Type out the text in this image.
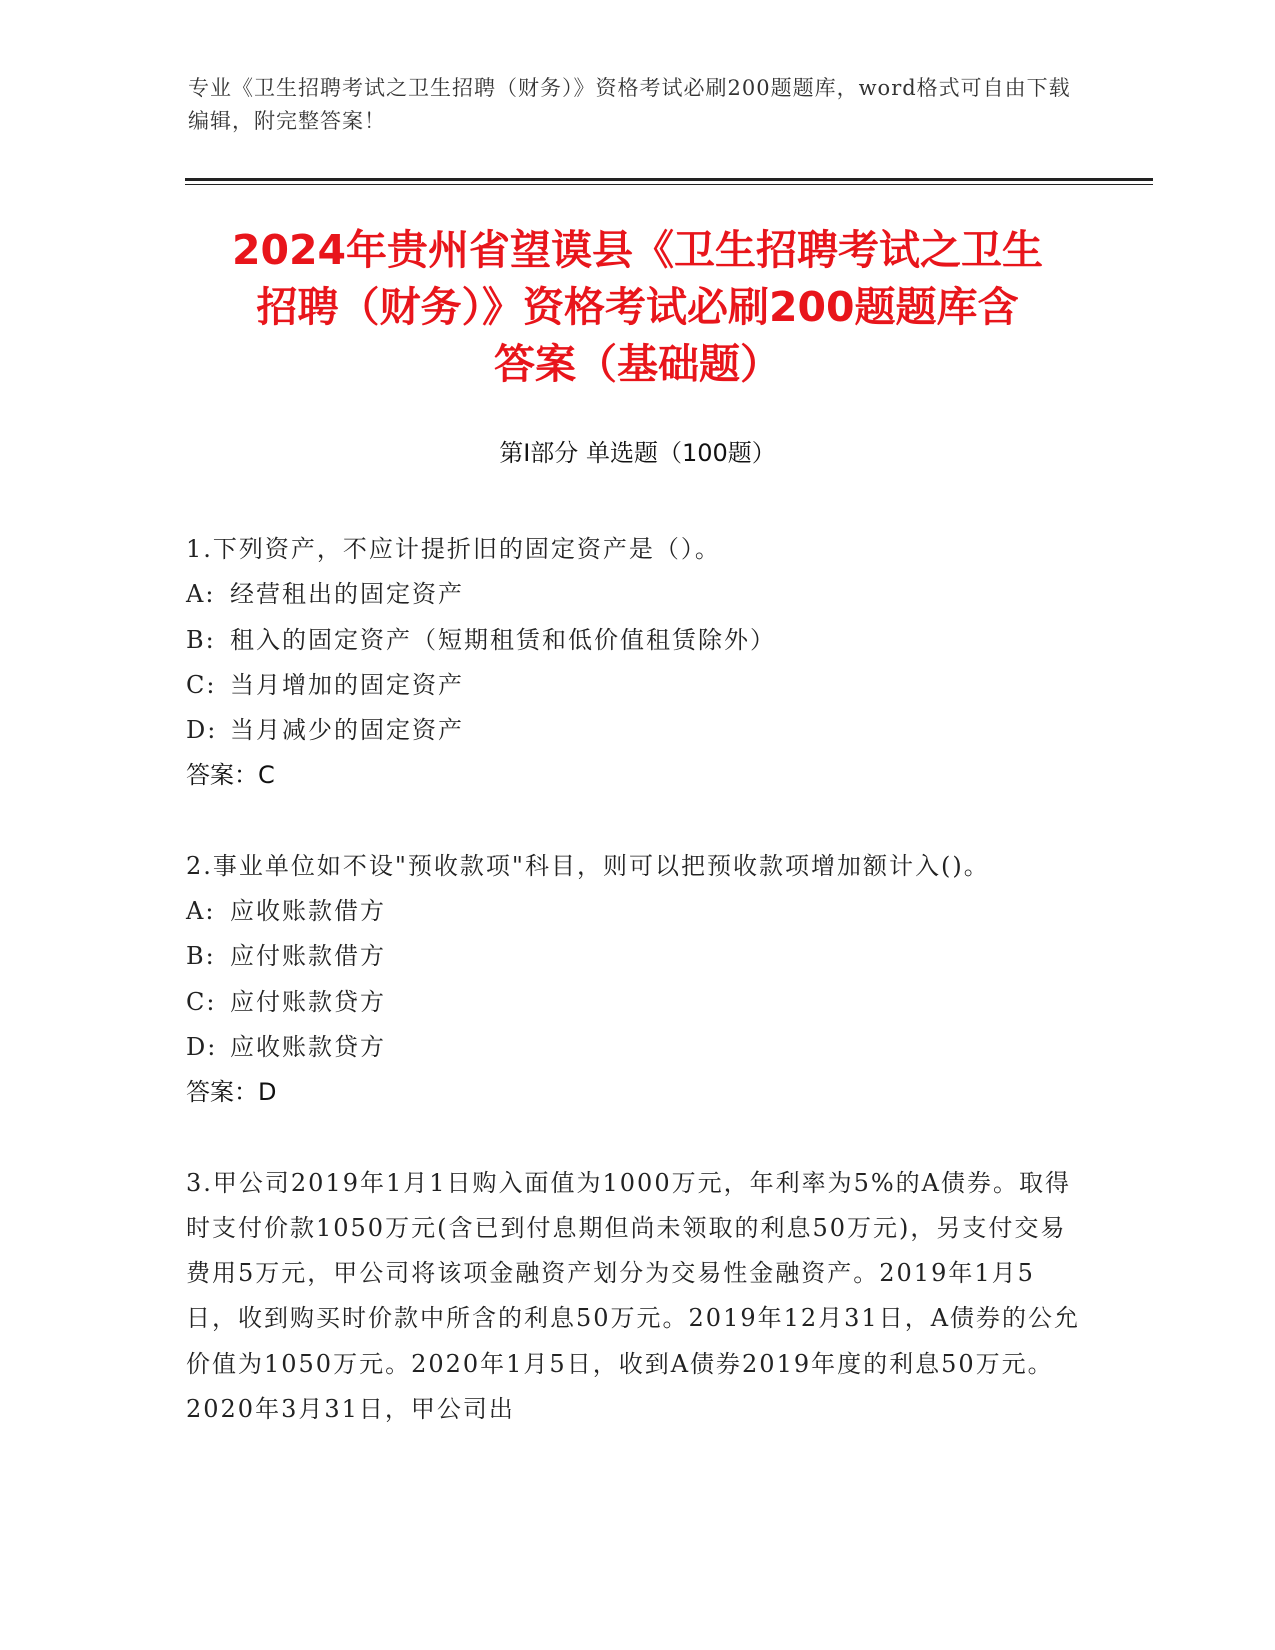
专业《卫生招聘考试之卫生招聘（财务）》资格考试必刷200题题库，word格式可自由下载编辑，附完整答案！
2024年贵州省望谟县《卫生招聘考试之卫生
招聘（财务）》资格考试必刷200题题库含
答案（基础题）
第Ⅰ部分 单选题（100题）
1.下列资产，不应计提折旧的固定资产是（）。
A: 经营租出的固定资产
B: 租入的固定资产（短期租赁和低价值租赁除外）
C: 当月增加的固定资产
D: 当月减少的固定资产
答案：C
2.事业单位如不设"预收款项"科目，则可以把预收款项增加额计入()。
A: 应收账款借方
B: 应付账款借方
C: 应付账款贷方
D: 应收账款贷方
答案：D
3.甲公司2019年1月1日购入面值为1000万元，年利率为5%的A债券。取得时支付价款1050万元(含已到付息期但尚未领取的利息50万元)，另支付交易费用5万元，甲公司将该项金融资产划分为交易性金融资产。2019年1月5日，收到购买时价款中所含的利息50万元。2019年12月31日，A债券的公允价值为1050万元。2020年1月5日，收到A债券2019年度的利息50万元。2020年3月31日，甲公司出
